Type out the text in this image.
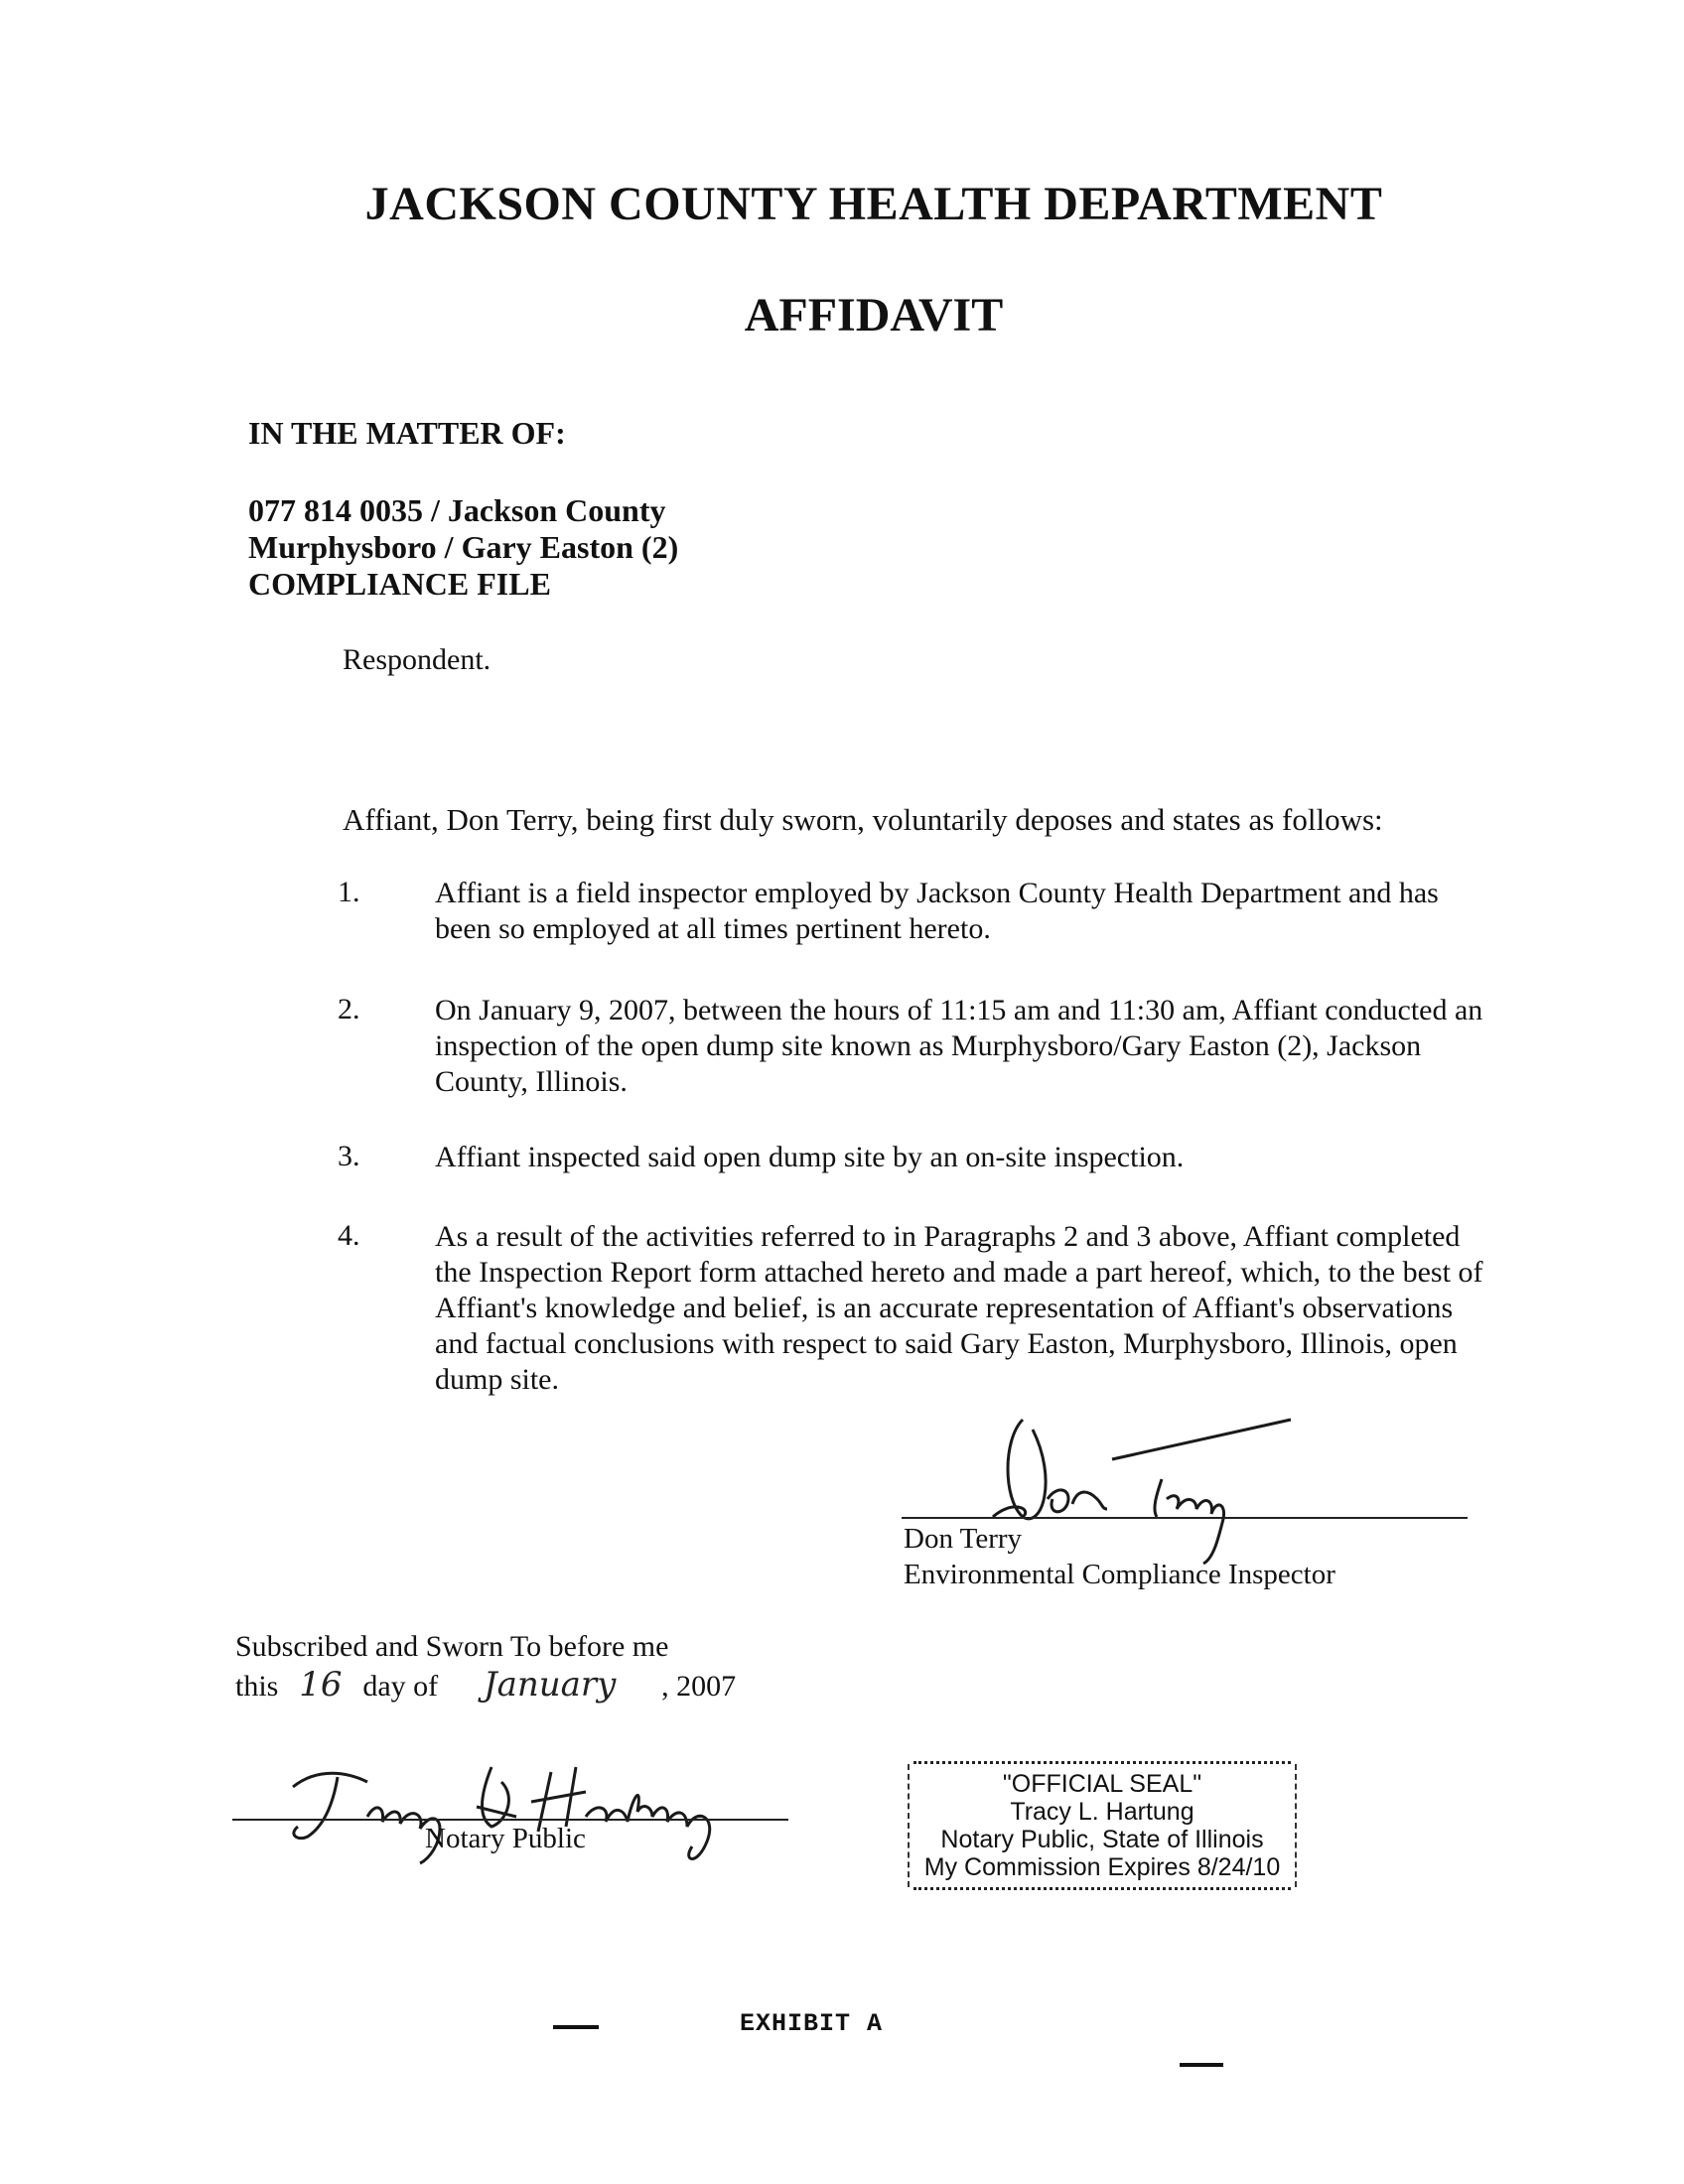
JACKSON COUNTY HEALTH DEPARTMENT
AFFIDAVIT
IN THE MATTER OF:
077 814 0035 / Jackson County
Murphysboro / Gary Easton (2)
COMPLIANCE FILE
Respondent.
Affiant, Don Terry, being first duly sworn, voluntarily deposes and states as follows:
1.	Affiant is a field inspector employed by Jackson County Health Department and has been so employed at all times pertinent hereto.
2.	On January 9, 2007, between the hours of 11:15 am and 11:30 am, Affiant conducted an inspection of the open dump site known as Murphysboro/Gary Easton (2), Jackson County, Illinois.
3.	Affiant inspected said open dump site by an on-site inspection.
4.	As a result of the activities referred to in Paragraphs 2 and 3 above, Affiant completed the Inspection Report form attached hereto and made a part hereof, which, to the best of Affiant's knowledge and belief, is an accurate representation of Affiant's observations and factual conclusions with respect to said Gary Easton, Murphysboro, Illinois, open dump site.
Don Terry
Environmental Compliance Inspector
Subscribed and Sworn To before me
this 16 day of January , 2007
Notary Public
"OFFICIAL SEAL"
Tracy L. Hartung
Notary Public, State of Illinois
My Commission Expires 8/24/10
EXHIBIT A
